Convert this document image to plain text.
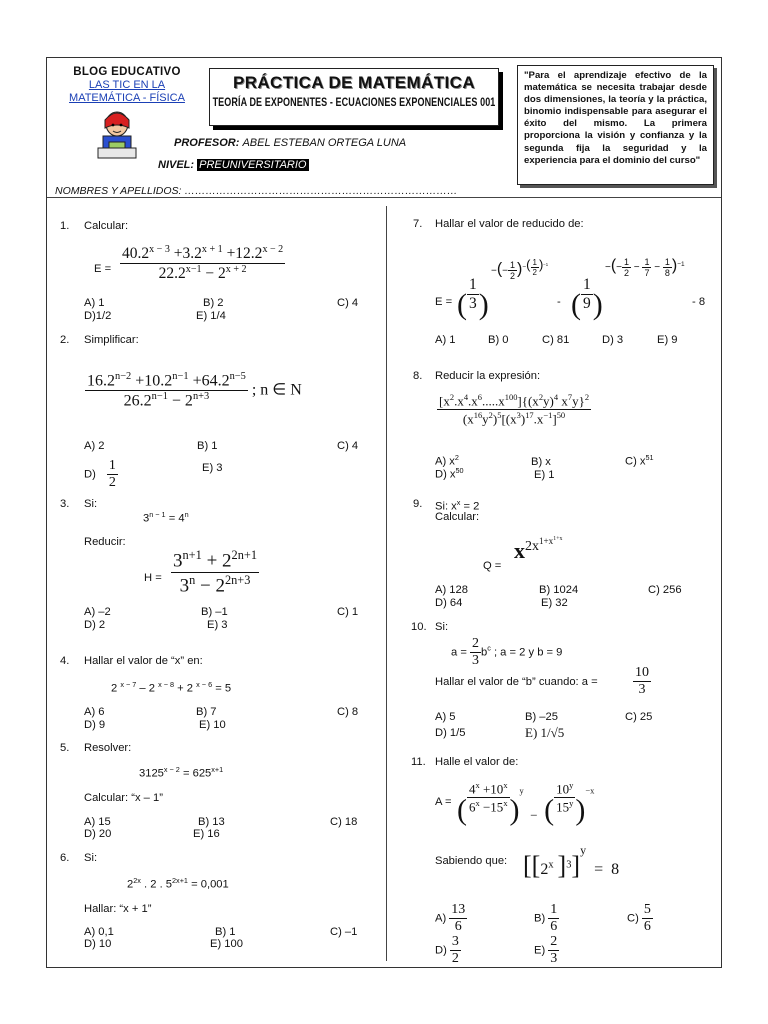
BLOG EDUCATIVO
LAS TIC EN LA
MATEMÁTICA - FÍSICA
PRÁCTICA DE MATEMÁTICA
TEORÍA DE EXPONENTES - ECUACIONES EXPONENCIALES 001
"Para el aprendizaje efectivo de la matemática se necesita trabajar desde dos dimensiones, la teoría y la práctica, binomio indispensable para asegurar el éxito del mismo. La primera proporciona la visión y confianza y la segunda fija la seguridad y la experiencia para el dominio del curso"
PROFESOR: ABEL ESTEBAN ORTEGA LUNA
NIVEL: PREUNIVERSITARIO
NOMBRES Y APELLIDOS: ……………………………………………………………………
1. Calcular:
$E = \frac{40.2^{x - 3} +3.2^{x + 1} +12.2^{x - 2}}{22.2^{x-1} - 2^{x + 2}}$
A) 1	B) 2	C) 4
D)1/2	E) 1/4
2. Simplificar:
$\frac{16.2^{n-2} +10.2^{n-1} +64.2^{n-5}}{26.2^{n-1} - 2^{n+3}}$ ; n ∈ N
A) 2	B) 1	C) 4
$D) \frac{1}{2}$	E) 3
3. Si:
$3^{n - 1} = 4^n$
Reducir:
$H = \frac{3^{n+1} + 2^{2n+1}}{3^n - 2^{2n+3}}$
A) –2	B) –1	C) 1
D) 2	E) 3
4. Hallar el valor de “x” en:
2 $^{x - 7}$ – 2 $^{x - 8}$ + 2 $^{x - 6}$ = 5
A) 6	B) 7	C) 8
D) 9	E) 10
5. Resolver:
$3125^{x - 2} = 625^{x+1}$
Calcular: “x – 1”
A) 15	B) 13	C) 18
D) 20	E) 16
6. Si:
$2^{2x}$ . 2 . $5^{2x+1} = 0,001$
Hallar: “x + 1”
A) 0,1	B) 1	C) –1
D) 10	E) 100
7. Hallar el valor de reducido de:
E = ( $\frac{1}{3}$ )
−(− $\frac{1}{2} )^{-( \frac{1}{2} )^{-1}}$
- ( $\frac{1}{9}$ )
−(− $\frac{1}{2} - \frac{1}{7} - \frac{1}{8} )^{-1}$
- 8
A) 1	B) 0	C) 81	D) 3	E) 9
8. Reducir la expresión:
$\frac{[x^2.x^4.x^6.....x^{100}]\{(x^2y)^4 x^7y\}^2}{(x^{16}y^2)^5[(x^3)^{17}.x^{-1}]^{50}}$
A) $x^2$	B) x	C) $x^{51}$
D) $x^{50}$	E) 1
9. Si: $x^x = 2$
Calcular:
Q =
$x^{2x^{1+x^{1+x}}}$
A) 128	B) 1024	C) 256
D) 64	E) 32
10. Si:
$a = \frac{2}{3} b^c$ ; a = 2 y b = 9
Hallar el valor de “b” cuando: a =	$\frac{10}{3}$
A) 5	B) –25	C) 25
D) 1/5	E) 1/√5
11. Halle el valor de:
A = ( $\frac{4^x +10^x}{6^x -15^x} )^y$  −  ( $\frac{10^y}{15^y} )^{-x}$
Sabiendo que: [[2$^x$ ]$^3$]$^y$  =  8
$A) \frac{13}{6}$	$B) \frac{1}{6}$	$C) \frac{5}{6}$
$D) \frac{3}{2}$	$E) \frac{2}{3}$
